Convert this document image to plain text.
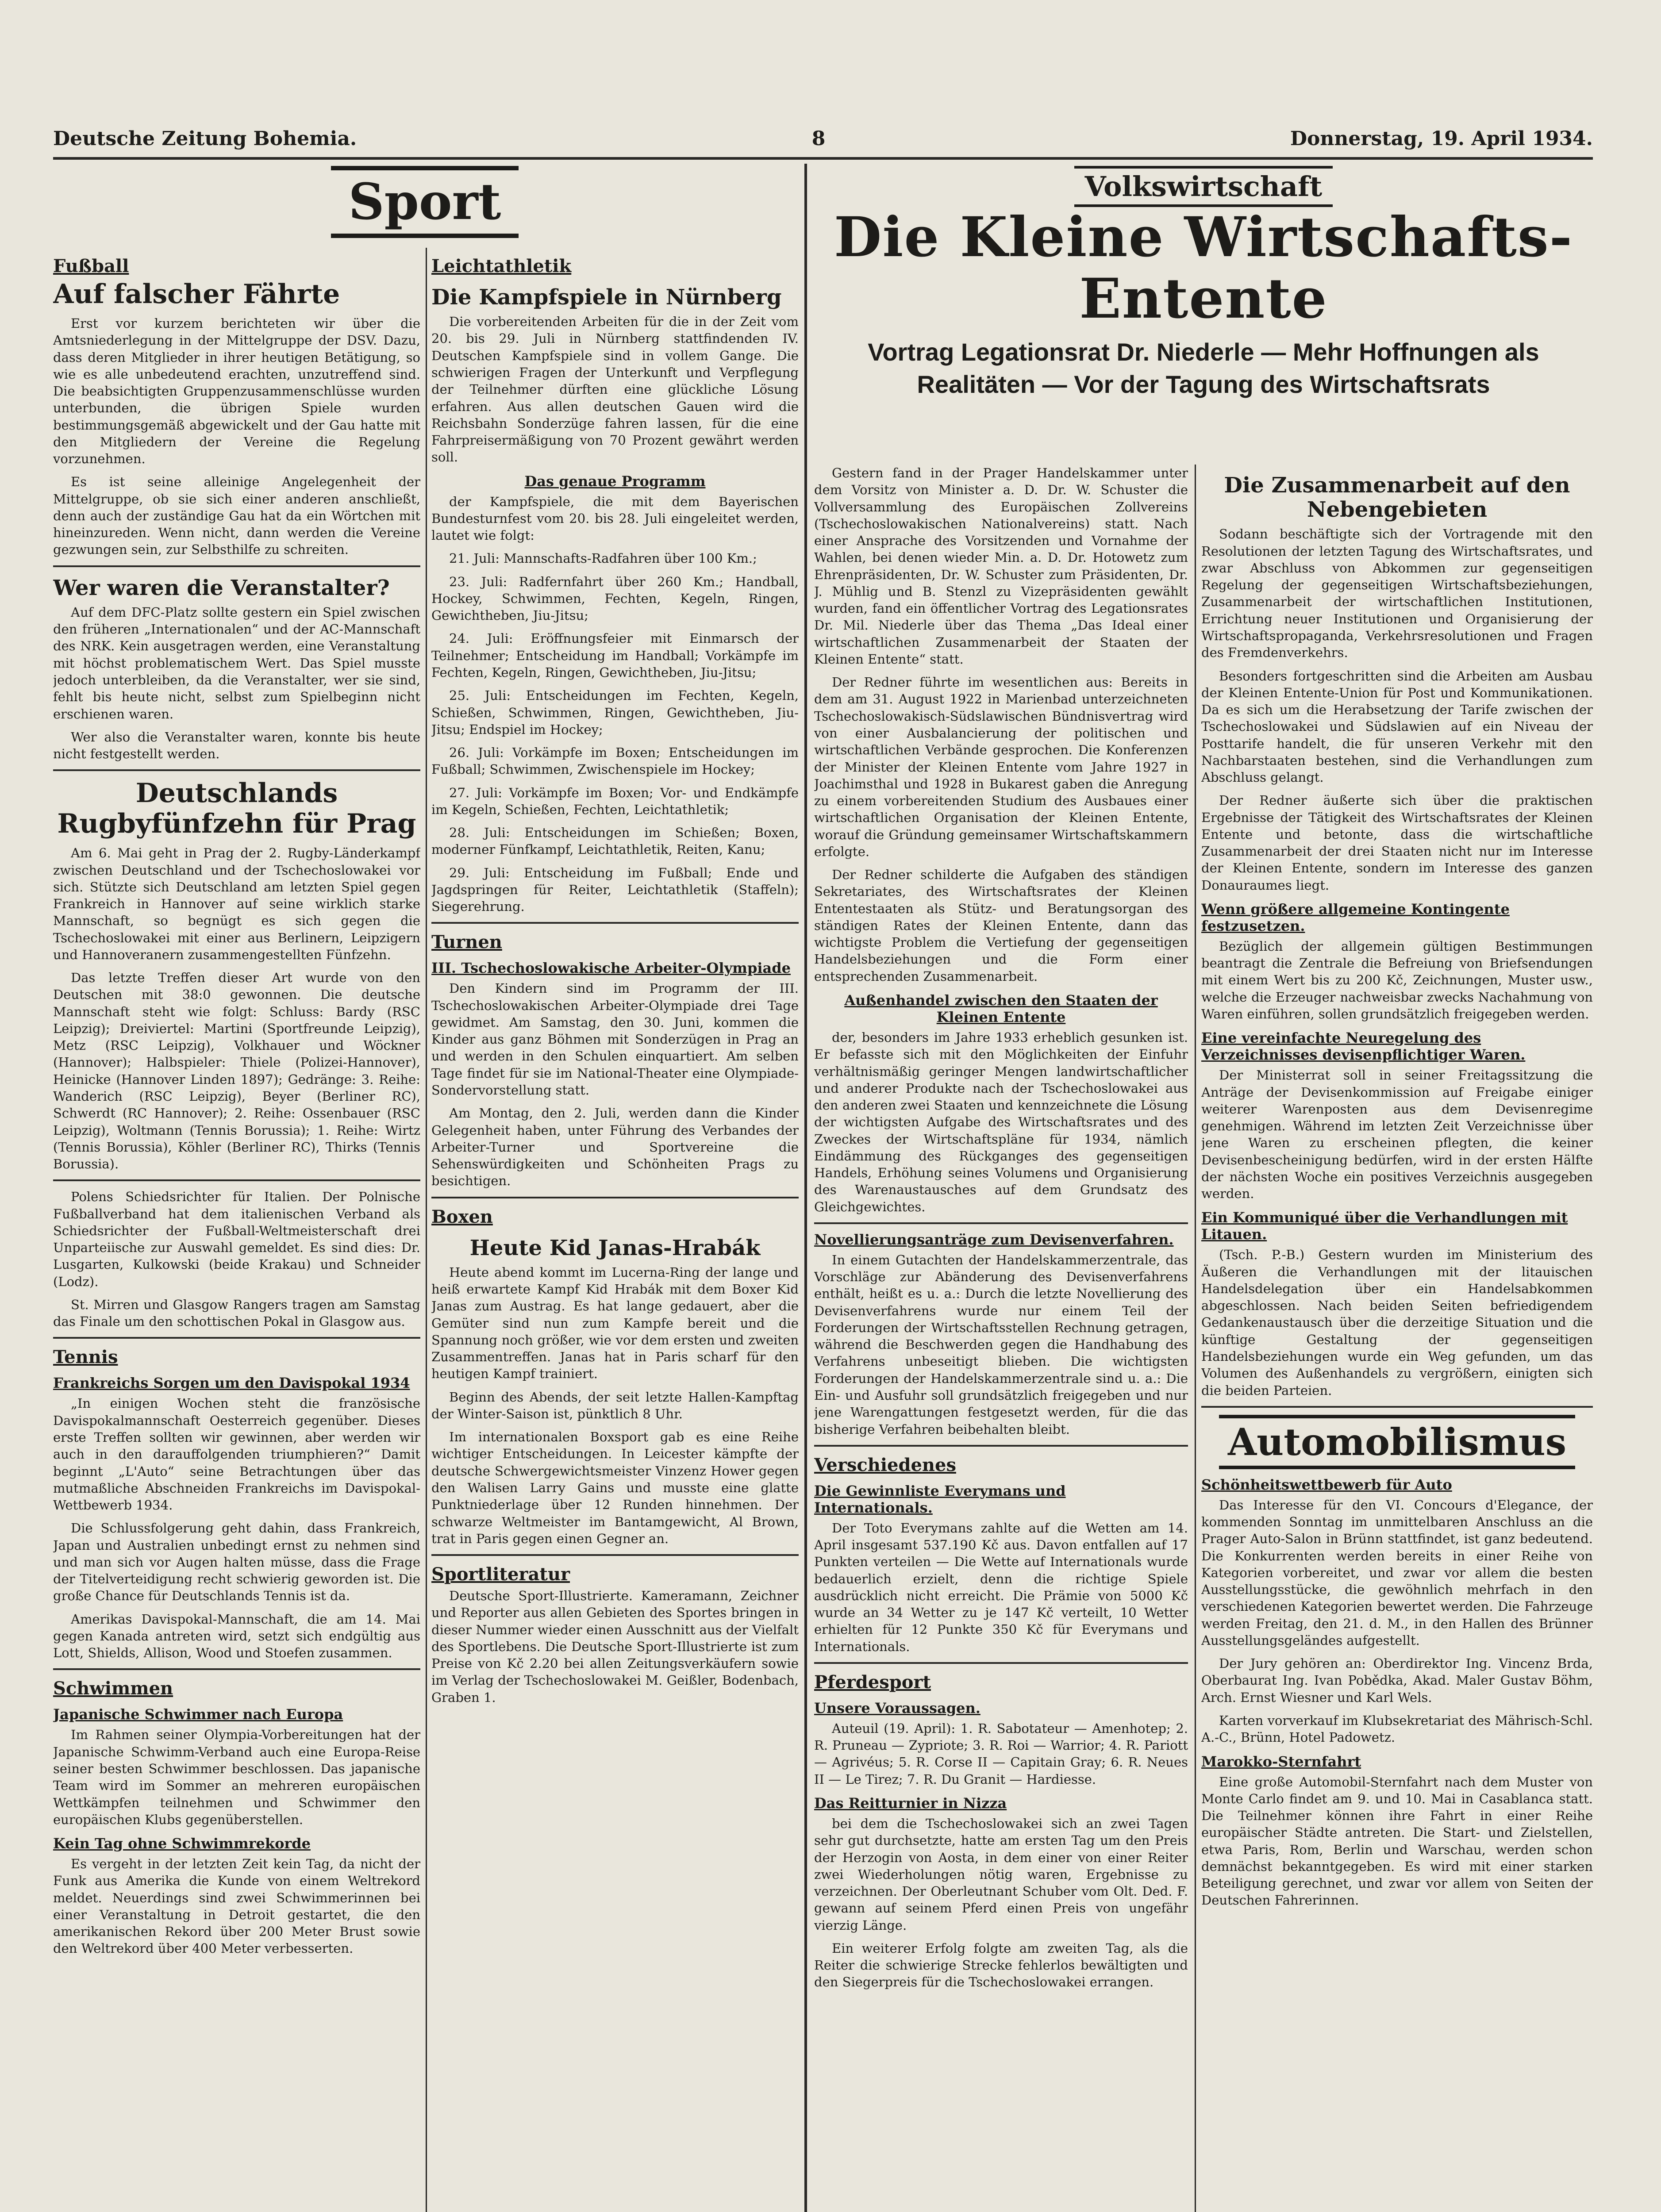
Deutsche Zeitung Bohemia.	8	Donnerstag, 19. April 1934.
Sport
Fußball
Auf falscher Fährte
Erst vor kurzem berichteten wir über die Amtsniederlegung in der Mittelgruppe der DSV. Dazu, dass deren Mitglieder in ihrer heutigen Betätigung, so wie es alle unbedeutend erachten, unzutreffend sind. Die beabsichtigten Gruppenzusammenschlüsse wurden unterbunden, die übrigen Spiele wurden bestimmungsgemäß abgewickelt und der Gau hatte mit den Mitgliedern der Vereine die Regelung vorzunehmen.
Es ist seine alleinige Angelegenheit der Mittelgruppe, ob sie sich einer anderen anschließt, denn auch der zuständige Gau hat da ein Wörtchen mit hineinzureden. Wenn nicht, dann werden die Vereine gezwungen sein, zur Selbsthilfe zu schreiten.
Wer waren die Veranstalter?
Auf dem DFC-Platz sollte gestern ein Spiel zwischen den früheren „Internationalen“ und der AC-Mannschaft des NRK. Kein ausgetragen werden, eine Veranstaltung mit höchst problematischem Wert. Das Spiel musste jedoch unterbleiben, da die Veranstalter, wer sie sind, fehlt bis heute nicht, selbst zum Spielbeginn nicht erschienen waren.
Wer also die Veranstalter waren, konnte bis heute nicht festgestellt werden.
Deutschlands Rugbyfünfzehn für Prag
Am 6. Mai geht in Prag der 2. Rugby-Länderkampf zwischen Deutschland und der Tschechoslowakei vor sich. Stützte sich Deutschland am letzten Spiel gegen Frankreich in Hannover auf seine wirklich starke Mannschaft, so begnügt es sich gegen die Tschechoslowakei mit einer aus Berlinern, Leipzigern und Hannoveranern zusammengestellten Fünfzehn.
Das letzte Treffen dieser Art wurde von den Deutschen mit 38:0 gewonnen. Die deutsche Mannschaft steht wie folgt: Schluss: Bardy (RSC Leipzig); Dreiviertel: Martini (Sportfreunde Leipzig), Metz (RSC Leipzig), Volkhauer und Wöckner (Hannover); Halbspieler: Thiele (Polizei-Hannover), Heinicke (Hannover Linden 1897); Gedränge: 3. Reihe: Wanderich (RSC Leipzig), Beyer (Berliner RC), Schwerdt (RC Hannover); 2. Reihe: Ossenbauer (RSC Leipzig), Woltmann (Tennis Borussia); 1. Reihe: Wirtz (Tennis Borussia), Köhler (Berliner RC), Thirks (Tennis Borussia).
Polens Schiedsrichter für Italien. Der Polnische Fußballverband hat dem italienischen Verband als Schiedsrichter der Fußball-Weltmeisterschaft drei Unparteiische zur Auswahl gemeldet. Es sind dies: Dr. Lusgarten, Kulkowski (beide Krakau) und Schneider (Lodz).
St. Mirren und Glasgow Rangers tragen am Samstag das Finale um den schottischen Pokal in Glasgow aus.
Tennis
Frankreichs Sorgen um den Davispokal 1934
„In einigen Wochen steht die französische Davispokalmannschaft Oesterreich gegenüber. Dieses erste Treffen sollten wir gewinnen, aber werden wir auch in den darauffolgenden triumphieren?“ Damit beginnt „L'Auto“ seine Betrachtungen über das mutmaßliche Abschneiden Frankreichs im Davispokal-Wettbewerb 1934.
Die Schlussfolgerung geht dahin, dass Frankreich, Japan und Australien unbedingt ernst zu nehmen sind und man sich vor Augen halten müsse, dass die Frage der Titelverteidigung recht schwierig geworden ist. Die große Chance für Deutschlands Tennis ist da.
Amerikas Davispokal-Mannschaft, die am 14. Mai gegen Kanada antreten wird, setzt sich endgültig aus Lott, Shields, Allison, Wood und Stoefen zusammen.
Schwimmen
Japanische Schwimmer nach Europa
Im Rahmen seiner Olympia-Vorbereitungen hat der Japanische Schwimm-Verband auch eine Europa-Reise seiner besten Schwimmer beschlossen. Das japanische Team wird im Sommer an mehreren europäischen Wettkämpfen teilnehmen und Schwimmer den europäischen Klubs gegenüberstellen.
Kein Tag ohne Schwimmrekorde
Es vergeht in der letzten Zeit kein Tag, da nicht der Funk aus Amerika die Kunde von einem Weltrekord meldet. Neuerdings sind zwei Schwimmerinnen bei einer Veranstaltung in Detroit gestartet, die den amerikanischen Rekord über 200 Meter Brust sowie den Weltrekord über 400 Meter verbesserten.
Leichtathletik
Die Kampfspiele in Nürnberg
Die vorbereitenden Arbeiten für die in der Zeit vom 20. bis 29. Juli in Nürnberg stattfindenden IV. Deutschen Kampfspiele sind in vollem Gange. Die schwierigen Fragen der Unterkunft und Verpflegung der Teilnehmer dürften eine glückliche Lösung erfahren. Aus allen deutschen Gauen wird die Reichsbahn Sonderzüge fahren lassen, für die eine Fahrpreisermäßigung von 70 Prozent gewährt werden soll.
Das genaue Programm
der Kampfspiele, die mit dem Bayerischen Bundesturnfest vom 20. bis 28. Juli eingeleitet werden, lautet wie folgt:
21. Juli: Mannschafts-Radfahren über 100 Km.;
23. Juli: Radfernfahrt über 260 Km.; Handball, Hockey, Schwimmen, Fechten, Kegeln, Ringen, Gewichtheben, Jiu-Jitsu;
24. Juli: Eröffnungsfeier mit Einmarsch der Teilnehmer; Entscheidung im Handball; Vorkämpfe im Fechten, Kegeln, Ringen, Gewichtheben, Jiu-Jitsu;
25. Juli: Entscheidungen im Fechten, Kegeln, Schießen, Schwimmen, Ringen, Gewichtheben, Jiu-Jitsu; Endspiel im Hockey;
26. Juli: Vorkämpfe im Boxen; Entscheidungen im Fußball; Schwimmen, Zwischenspiele im Hockey;
27. Juli: Vorkämpfe im Boxen; Vor- und Endkämpfe im Kegeln, Schießen, Fechten, Leichtathletik;
28. Juli: Entscheidungen im Schießen; Boxen, moderner Fünfkampf, Leichtathletik, Reiten, Kanu;
29. Juli: Entscheidung im Fußball; Ende und Jagdspringen für Reiter, Leichtathletik (Staffeln); Siegerehrung.
Turnen
III. Tschechoslowakische Arbeiter-Olympiade
Den Kindern sind im Programm der III. Tschechoslowakischen Arbeiter-Olympiade drei Tage gewidmet. Am Samstag, den 30. Juni, kommen die Kinder aus ganz Böhmen mit Sonderzügen in Prag an und werden in den Schulen einquartiert. Am selben Tage findet für sie im National-Theater eine Olympiade-Sondervorstellung statt.
Am Montag, den 2. Juli, werden dann die Kinder Gelegenheit haben, unter Führung des Verbandes der Arbeiter-Turner und Sportvereine die Sehenswürdigkeiten und Schönheiten Prags zu besichtigen.
Boxen
Heute Kid Janas-Hrabák
Heute abend kommt im Lucerna-Ring der lange und heiß erwartete Kampf Kid Hrabák mit dem Boxer Kid Janas zum Austrag. Es hat lange gedauert, aber die Gemüter sind nun zum Kampfe bereit und die Spannung noch größer, wie vor dem ersten und zweiten Zusammentreffen. Janas hat in Paris scharf für den heutigen Kampf trainiert.
Beginn des Abends, der seit letzte Hallen-Kampftag der Winter-Saison ist, pünktlich 8 Uhr.
Im internationalen Boxsport gab es eine Reihe wichtiger Entscheidungen. In Leicester kämpfte der deutsche Schwergewichtsmeister Vinzenz Hower gegen den Walisen Larry Gains und musste eine glatte Punktniederlage über 12 Runden hinnehmen. Der schwarze Weltmeister im Bantamgewicht, Al Brown, trat in Paris gegen einen Gegner an.
Sportliteratur
Deutsche Sport-Illustrierte. Kameramann, Zeichner und Reporter aus allen Gebieten des Sportes bringen in dieser Nummer wieder einen Ausschnitt aus der Vielfalt des Sportlebens. Die Deutsche Sport-Illustrierte ist zum Preise von Kč 2.20 bei allen Zeitungsverkäufern sowie im Verlag der Tschechoslowakei M. Geißler, Bodenbach, Graben 1.
Volkswirtschaft
Die Kleine Wirtschafts-Entente
Vortrag Legationsrat Dr. Niederle — Mehr Hoffnungen als Realitäten — Vor der Tagung des Wirtschaftsrats
Gestern fand in der Prager Handelskammer unter dem Vorsitz von Minister a. D. Dr. W. Schuster die Vollversammlung des Europäischen Zollvereins (Tschechoslowakischen Nationalvereins) statt. Nach einer Ansprache des Vorsitzenden und Vornahme der Wahlen, bei denen wieder Min. a. D. Dr. Hotowetz zum Ehrenpräsidenten, Dr. W. Schuster zum Präsidenten, Dr. J. Mühlig und B. Stenzl zu Vizepräsidenten gewählt wurden, fand ein öffentlicher Vortrag des Legationsrates Dr. Mil. Niederle über das Thema „Das Ideal einer wirtschaftlichen Zusammenarbeit der Staaten der Kleinen Entente“ statt.
Der Redner führte im wesentlichen aus: Bereits in dem am 31. August 1922 in Marienbad unterzeichneten Tschechoslowakisch-Südslawischen Bündnisvertrag wird von einer Ausbalancierung der politischen und wirtschaftlichen Verbände gesprochen. Die Konferenzen der Minister der Kleinen Entente vom Jahre 1927 in Joachimsthal und 1928 in Bukarest gaben die Anregung zu einem vorbereitenden Studium des Ausbaues einer wirtschaftlichen Organisation der Kleinen Entente, worauf die Gründung gemeinsamer Wirtschaftskammern erfolgte.
Der Redner schilderte die Aufgaben des ständigen Sekretariates, des Wirtschaftsrates der Kleinen Ententestaaten als Stütz- und Beratungsorgan des ständigen Rates der Kleinen Entente, dann das wichtigste Problem die Vertiefung der gegenseitigen Handelsbeziehungen und die Form einer entsprechenden Zusammenarbeit.
Außenhandel zwischen den Staaten der Kleinen Entente
der, besonders im Jahre 1933 erheblich gesunken ist. Er befasste sich mit den Möglichkeiten der Einfuhr verhältnismäßig geringer Mengen landwirtschaftlicher und anderer Produkte nach der Tschechoslowakei aus den anderen zwei Staaten und kennzeichnete die Lösung der wichtigsten Aufgabe des Wirtschaftsrates und des Zweckes der Wirtschaftspläne für 1934, nämlich Eindämmung des Rückganges des gegenseitigen Handels, Erhöhung seines Volumens und Organisierung des Warenaustausches auf dem Grundsatz des Gleichgewichtes.
Novellierungsanträge zum Devisenverfahren.
In einem Gutachten der Handelskammerzentrale, das Vorschläge zur Abänderung des Devisenverfahrens enthält, heißt es u. a.: Durch die letzte Novellierung des Devisenverfahrens wurde nur einem Teil der Forderungen der Wirtschaftsstellen Rechnung getragen, während die Beschwerden gegen die Handhabung des Verfahrens unbeseitigt blieben. Die wichtigsten Forderungen der Handelskammerzentrale sind u. a.: Die Ein- und Ausfuhr soll grundsätzlich freigegeben und nur jene Warengattungen festgesetzt werden, für die das bisherige Verfahren beibehalten bleibt.
Verschiedenes
Die Gewinnliste Everymans und Internationals.
Der Toto Everymans zahlte auf die Wetten am 14. April insgesamt 537.190 Kč aus. Davon entfallen auf 17 Punkten verteilen — Die Wette auf Internationals wurde bedauerlich erzielt, denn die richtige Spiele ausdrücklich nicht erreicht. Die Prämie von 5000 Kč wurde an 34 Wetter zu je 147 Kč verteilt, 10 Wetter erhielten für 12 Punkte 350 Kč für Everymans und Internationals.
Pferdesport
Unsere Voraussagen.
Auteuil (19. April): 1. R. Sabotateur — Amenhotep; 2. R. Pruneau — Zypriote; 3. R. Roi — Warrior; 4. R. Pariott — Agrivéus; 5. R. Corse II — Capitain Gray; 6. R. Neues II — Le Tirez; 7. R. Du Granit — Hardiesse.
Das Reitturnier in Nizza
bei dem die Tschechoslowakei sich an zwei Tagen sehr gut durchsetzte, hatte am ersten Tag um den Preis der Herzogin von Aosta, in dem einer von einer Reiter zwei Wiederholungen nötig waren, Ergebnisse zu verzeichnen. Der Oberleutnant Schuber vom Olt. Ded. F. gewann auf seinem Pferd einen Preis von ungefähr vierzig Länge.
Ein weiterer Erfolg folgte am zweiten Tag, als die Reiter die schwierige Strecke fehlerlos bewältigten und den Siegerpreis für die Tschechoslowakei errangen.
Die Zusammenarbeit auf den Nebengebieten
Sodann beschäftigte sich der Vortragende mit den Resolutionen der letzten Tagung des Wirtschaftsrates, und zwar Abschluss von Abkommen zur gegenseitigen Regelung der gegenseitigen Wirtschaftsbeziehungen, Zusammenarbeit der wirtschaftlichen Institutionen, Errichtung neuer Institutionen und Organisierung der Wirtschaftspropaganda, Verkehrsresolutionen und Fragen des Fremdenverkehrs.
Besonders fortgeschritten sind die Arbeiten am Ausbau der Kleinen Entente-Union für Post und Kommunikationen. Da es sich um die Herabsetzung der Tarife zwischen der Tschechoslowakei und Südslawien auf ein Niveau der Posttarife handelt, die für unseren Verkehr mit den Nachbarstaaten bestehen, sind die Verhandlungen zum Abschluss gelangt.
Der Redner äußerte sich über die praktischen Ergebnisse der Tätigkeit des Wirtschaftsrates der Kleinen Entente und betonte, dass die wirtschaftliche Zusammenarbeit der drei Staaten nicht nur im Interesse der Kleinen Entente, sondern im Interesse des ganzen Donauraumes liegt.
Wenn größere allgemeine Kontingente festzusetzen.
Bezüglich der allgemein gültigen Bestimmungen beantragt die Zentrale die Befreiung von Briefsendungen mit einem Wert bis zu 200 Kč, Zeichnungen, Muster usw., welche die Erzeuger nachweisbar zwecks Nachahmung von Waren einführen, sollen grundsätzlich freigegeben werden.
Eine vereinfachte Neuregelung des Verzeichnisses devisenpflichtiger Waren.
Der Ministerrat soll in seiner Freitagssitzung die Anträge der Devisenkommission auf Freigabe einiger weiterer Warenposten aus dem Devisenregime genehmigen. Während im letzten Zeit Verzeichnisse über jene Waren zu erscheinen pflegten, die keiner Devisenbescheinigung bedürfen, wird in der ersten Hälfte der nächsten Woche ein positives Verzeichnis ausgegeben werden.
Ein Kommuniqué über die Verhandlungen mit Litauen.
(Tsch. P.-B.) Gestern wurden im Ministerium des Äußeren die Verhandlungen mit der litauischen Handelsdelegation über ein Handelsabkommen abgeschlossen. Nach beiden Seiten befriedigendem Gedankenaustausch über die derzeitige Situation und die künftige Gestaltung der gegenseitigen Handelsbeziehungen wurde ein Weg gefunden, um das Volumen des Außenhandels zu vergrößern, einigten sich die beiden Parteien.
Automobilismus
Schönheitswettbewerb für Auto
Das Interesse für den VI. Concours d'Elegance, der kommenden Sonntag im unmittelbaren Anschluss an die Prager Auto-Salon in Brünn stattfindet, ist ganz bedeutend. Die Konkurrenten werden bereits in einer Reihe von Kategorien vorbereitet, und zwar vor allem die besten Ausstellungsstücke, die gewöhnlich mehrfach in den verschiedenen Kategorien bewertet werden. Die Fahrzeuge werden Freitag, den 21. d. M., in den Hallen des Brünner Ausstellungsgeländes aufgestellt.
Der Jury gehören an: Oberdirektor Ing. Vincenz Brda, Oberbaurat Ing. Ivan Pobědka, Akad. Maler Gustav Böhm, Arch. Ernst Wiesner und Karl Wels.
Karten vorverkauf im Klubsekretariat des Mährisch-Schl. A.-C., Brünn, Hotel Padowetz.
Marokko-Sternfahrt
Eine große Automobil-Sternfahrt nach dem Muster von Monte Carlo findet am 9. und 10. Mai in Casablanca statt. Die Teilnehmer können ihre Fahrt in einer Reihe europäischer Städte antreten. Die Start- und Zielstellen, etwa Paris, Rom, Berlin und Warschau, werden schon demnächst bekanntgegeben. Es wird mit einer starken Beteiligung gerechnet, und zwar vor allem von Seiten der Deutschen Fahrerinnen.
